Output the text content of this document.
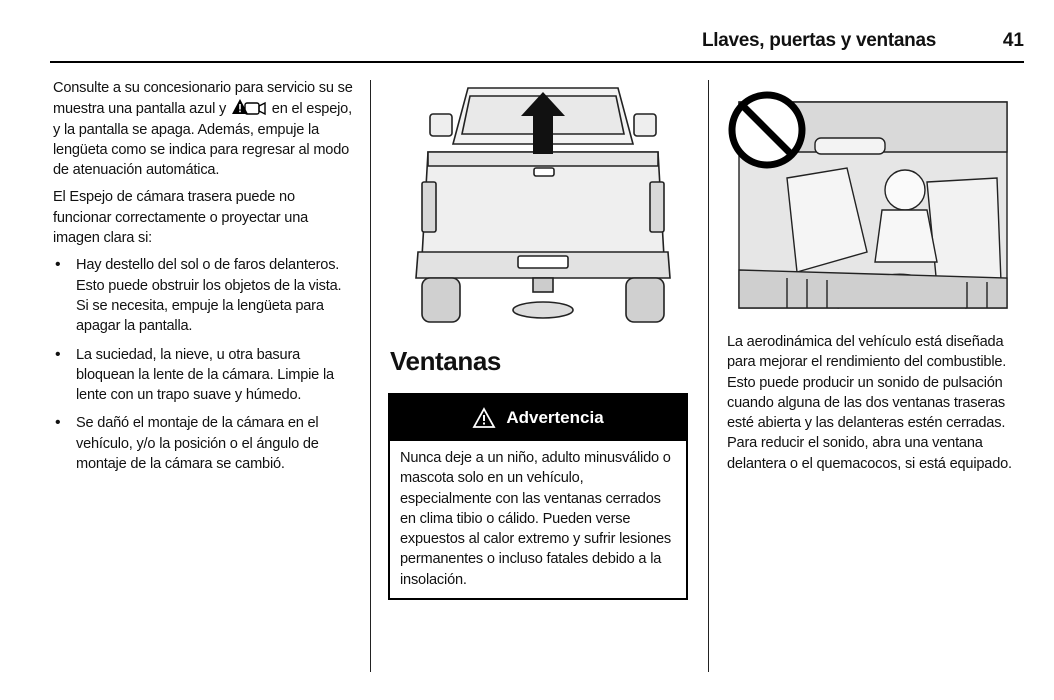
Llaves, puertas y ventanas	41

Consulte a su concesionario para servicio su se muestra una pantalla azul y	en el espejo, y la pantalla se apaga. Además, empuje la lengüeta como se indica para regresar al modo de atenuación automática.

El Espejo de cámara trasera puede no funcionar correctamente o proyectar una imagen clara si:

• Hay destello del sol o de faros delanteros. Esto puede obstruir los objetos de la vista. Si se necesita, empuje la lengüeta para apagar la pantalla.
• La suciedad, la nieve, u otra basura bloquean la lente de la cámara. Limpie la lente con un trapo suave y húmedo.
• Se dañó el montaje de la cámara en el vehículo, y/o la posición o el ángulo de montaje de la cámara se cambió.
Ventanas
Advertencia
Nunca deje a un niño, adulto minusválido o mascota solo en un vehículo, especialmente con las ventanas cerrados en clima tibio o cálido. Pueden verse expuestos al calor extremo y sufrir lesiones permanentes o incluso fatales debido a la insolación.
La aerodinámica del vehículo está diseñada para mejorar el rendimiento del combustible. Esto puede producir un sonido de pulsación cuando alguna de las dos ventanas traseras esté abierta y las delanteras estén cerradas. Para reducir el sonido, abra una ventana delantera o el quemacocos, si está equipado.
